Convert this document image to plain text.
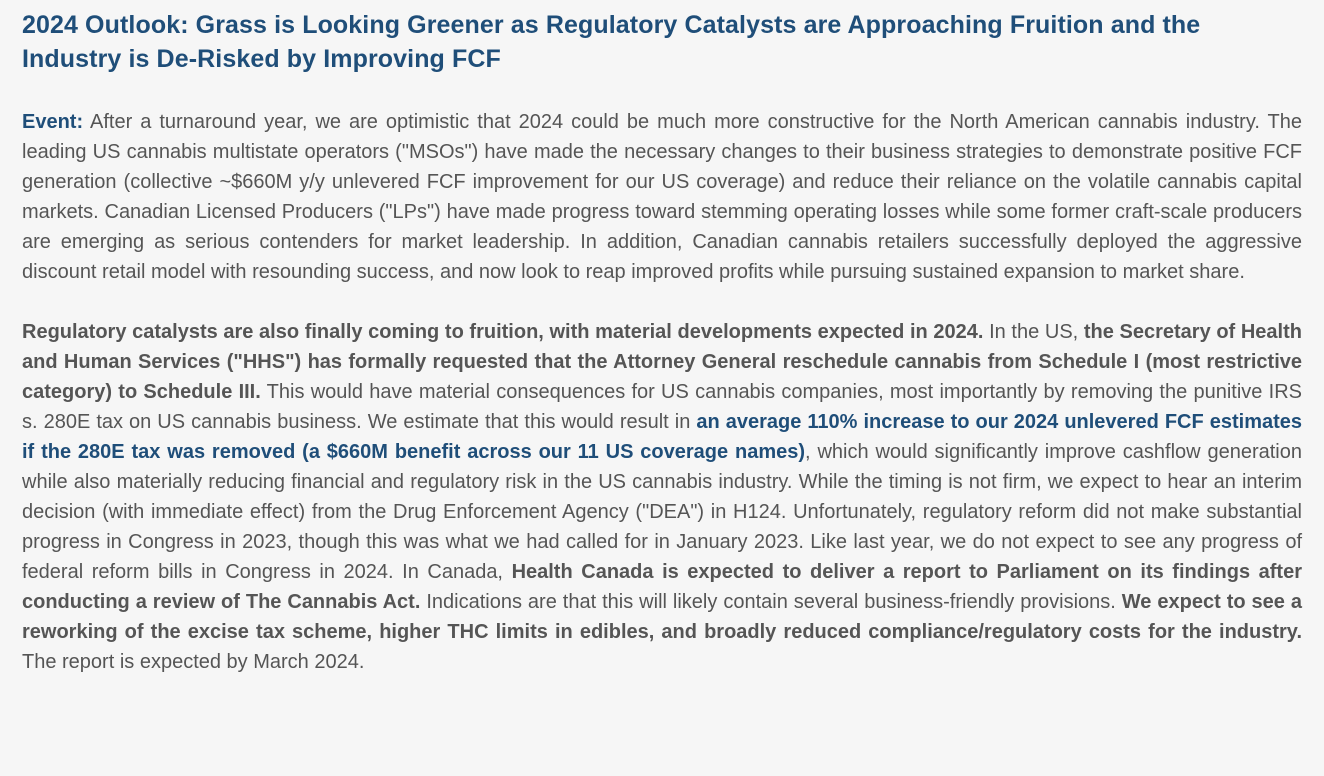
2024 Outlook: Grass is Looking Greener as Regulatory Catalysts are Approaching Fruition and the Industry is De-Risked by Improving FCF

Event: After a turnaround year, we are optimistic that 2024 could be much more constructive for the North American cannabis industry. The leading US cannabis multistate operators ("MSOs") have made the necessary changes to their business strategies to demonstrate positive FCF generation (collective ~$660M y/y unlevered FCF improvement for our US coverage) and reduce their reliance on the volatile cannabis capital markets. Canadian Licensed Producers ("LPs") have made progress toward stemming operating losses while some former craft-scale producers are emerging as serious contenders for market leadership. In addition, Canadian cannabis retailers successfully deployed the aggressive discount retail model with resounding success, and now look to reap improved profits while pursuing sustained expansion to market share.

Regulatory catalysts are also finally coming to fruition, with material developments expected in 2024. In the US, the Secretary of Health and Human Services ("HHS") has formally requested that the Attorney General reschedule cannabis from Schedule I (most restrictive category) to Schedule III. This would have material consequences for US cannabis companies, most importantly by removing the punitive IRS s. 280E tax on US cannabis business. We estimate that this would result in an average 110% increase to our 2024 unlevered FCF estimates if the 280E tax was removed (a $660M benefit across our 11 US coverage names), which would significantly improve cashflow generation while also materially reducing financial and regulatory risk in the US cannabis industry. While the timing is not firm, we expect to hear an interim decision (with immediate effect) from the Drug Enforcement Agency ("DEA") in H124. Unfortunately, regulatory reform did not make substantial progress in Congress in 2023, though this was what we had called for in January 2023. Like last year, we do not expect to see any progress of federal reform bills in Congress in 2024. In Canada, Health Canada is expected to deliver a report to Parliament on its findings after conducting a review of The Cannabis Act. Indications are that this will likely contain several business-friendly provisions. We expect to see a reworking of the excise tax scheme, higher THC limits in edibles, and broadly reduced compliance/regulatory costs for the industry. The report is expected by March 2024.
